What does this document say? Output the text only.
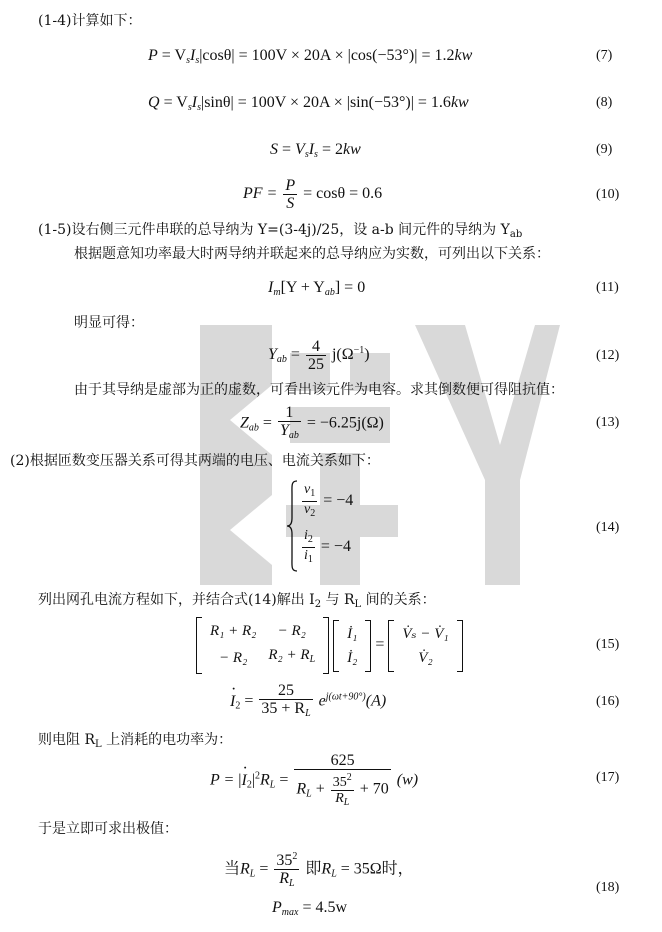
(1-4)计算如下：
$P = V_sI_s|\cos\theta| = 100V \times 20A \times |\cos(-53^\circ)| = 1.2kw$	(7)
$Q = V_sI_s|\sin\theta| = 100V \times 20A \times |\sin(-53^\circ)| = 1.6kw$	(8)
$S = V_sI_s = 2kw$	(9)
PF = $\frac{P}{S} = \cos\theta = 0.6$	(10)
(1-5)设右侧三元件串联的总导纳为 Y=(3-4j)/25，设 a-b 间元件的导纳为 $Y_{ab}$
根据题意知功率最大时两导纳并联起来的总导纳应为实数，可列出以下关系：
$I_m[Y + Y_{ab}] = 0$	(11)
明显可得：
$Y_{ab} = \frac{4}{25} j(\Omega^{-1})$	(12)
由于其导纳是虚部为正的虚数，可看出该元件为电容。求其倒数便可得阻抗值：
$Z_{ab} = \frac{1}{Y_{ab}} = -6.25j(\Omega)$	(13)
(2)根据匝数变压器关系可得其两端的电压、电流关系如下：
$\frac{v_1}{v_2} = -4$
$\frac{i_2}{i_1} = -4$
(14)
列出网孔电流方程如下，并结合式(14)解出 $I_2$ 与 $R_L$ 间的关系：
R₁ + R₂	− R₂
− R₂	$R_2 + R_L$

İ₁
İ₂
=
V̇ₛ − V̇₁
V̇₂
(15)
· $I_2 = \frac{25}{35 + R_L} e^{j(\omega t+90^\circ)}(A)$	(16)
则电阻 $R_L$ 上消耗的电功率为：
P = |· $I_2|^2R_L = \frac{625}{R_L + \frac{35^2}{R_L} + 70} (w)$	(17)
于是立即可求出极值：
当$R_L = \frac{35^2}{R_L}$ 即$R_L = 35\Omega$时，
$P_{max} = 4.5w$
(18)
